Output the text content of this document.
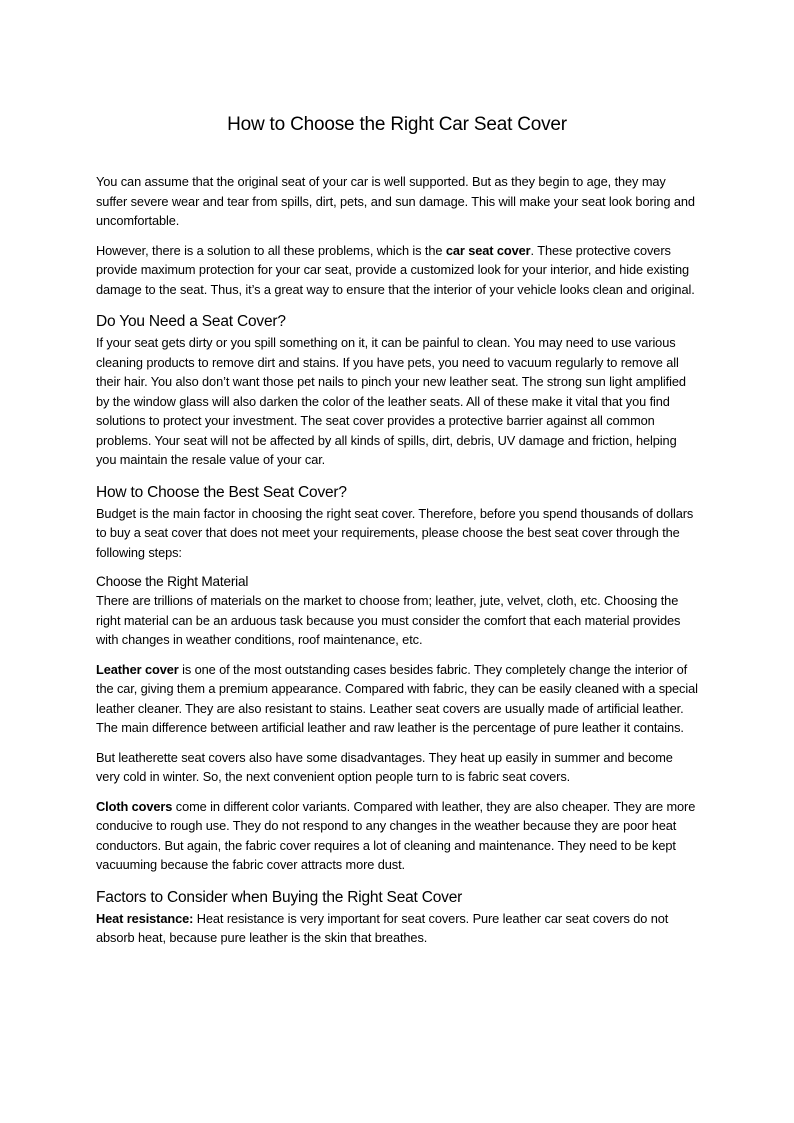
How to Choose the Right Car Seat Cover

You can assume that the original seat of your car is well supported. But as they begin to age, they may suffer severe wear and tear from spills, dirt, pets, and sun damage. This will make your seat look boring and uncomfortable.

However, there is a solution to all these problems, which is the car seat cover. These protective covers provide maximum protection for your car seat, provide a customized look for your interior, and hide existing damage to the seat. Thus, it’s a great way to ensure that the interior of your vehicle looks clean and original.

Do You Need a Seat Cover?

If your seat gets dirty or you spill something on it, it can be painful to clean. You may need to use various cleaning products to remove dirt and stains. If you have pets, you need to vacuum regularly to remove all their hair. You also don’t want those pet nails to pinch your new leather seat. The strong sun light amplified by the window glass will also darken the color of the leather seats. All of these make it vital that you find solutions to protect your investment. The seat cover provides a protective barrier against all common problems. Your seat will not be affected by all kinds of spills, dirt, debris, UV damage and friction, helping you maintain the resale value of your car.

How to Choose the Best Seat Cover?

Budget is the main factor in choosing the right seat cover. Therefore, before you spend thousands of dollars to buy a seat cover that does not meet your requirements, please choose the best seat cover through the following steps:

Choose the Right Material

There are trillions of materials on the market to choose from; leather, jute, velvet, cloth, etc. Choosing the right material can be an arduous task because you must consider the comfort that each material provides with changes in weather conditions, roof maintenance, etc.

Leather cover is one of the most outstanding cases besides fabric. They completely change the interior of the car, giving them a premium appearance. Compared with fabric, they can be easily cleaned with a special leather cleaner. They are also resistant to stains. Leather seat covers are usually made of artificial leather. The main difference between artificial leather and raw leather is the percentage of pure leather it contains.

But leatherette seat covers also have some disadvantages. They heat up easily in summer and become very cold in winter. So, the next convenient option people turn to is fabric seat covers.

Cloth covers come in different color variants. Compared with leather, they are also cheaper. They are more conducive to rough use. They do not respond to any changes in the weather because they are poor heat conductors. But again, the fabric cover requires a lot of cleaning and maintenance. They need to be kept vacuuming because the fabric cover attracts more dust.

Factors to Consider when Buying the Right Seat Cover

Heat resistance: Heat resistance is very important for seat covers. Pure leather car seat covers do not absorb heat, because pure leather is the skin that breathes.
